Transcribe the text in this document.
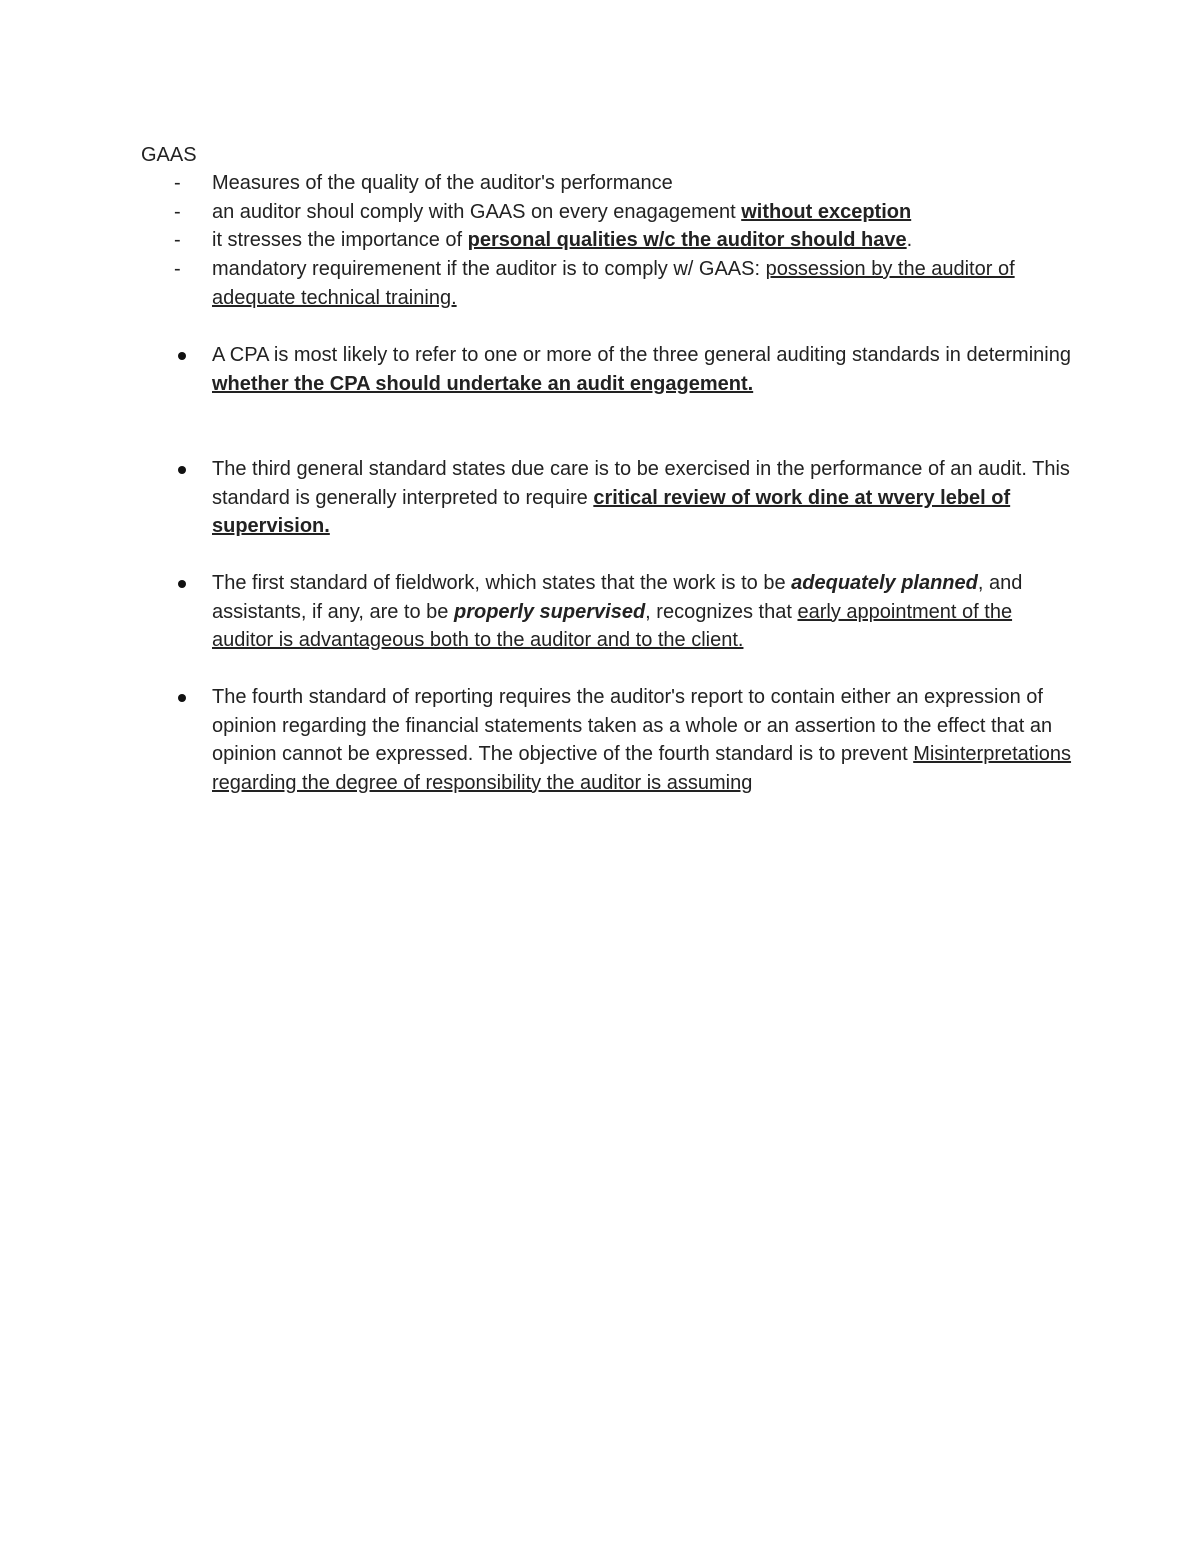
GAAS
- Measures of the quality of the auditor's performance
- an auditor shoul comply with GAAS on every enagagement without exception
- it stresses the importance of personal qualities w/c the auditor should have.
- mandatory requiremenent if the auditor is to comply w/ GAAS: possession by the auditor of adequate technical training.
A CPA is most likely to refer to one or more of the three general auditing standards in determining whether the CPA should undertake an audit engagement.
The third general standard states due care is to be exercised in the performance of an audit. This standard is generally interpreted to require critical review of work dine at wvery lebel of supervision.
The first standard of fieldwork, which states that the work is to be adequately planned, and assistants, if any, are to be properly supervised, recognizes that early appointment of the auditor is advantageous both to the auditor and to the client.
The fourth standard of reporting requires the auditor's report to contain either an expression of opinion regarding the financial statements taken as a whole or an assertion to the effect that an opinion cannot be expressed. The objective of the fourth standard is to prevent Misinterpretations regarding the degree of responsibility the auditor is assuming
